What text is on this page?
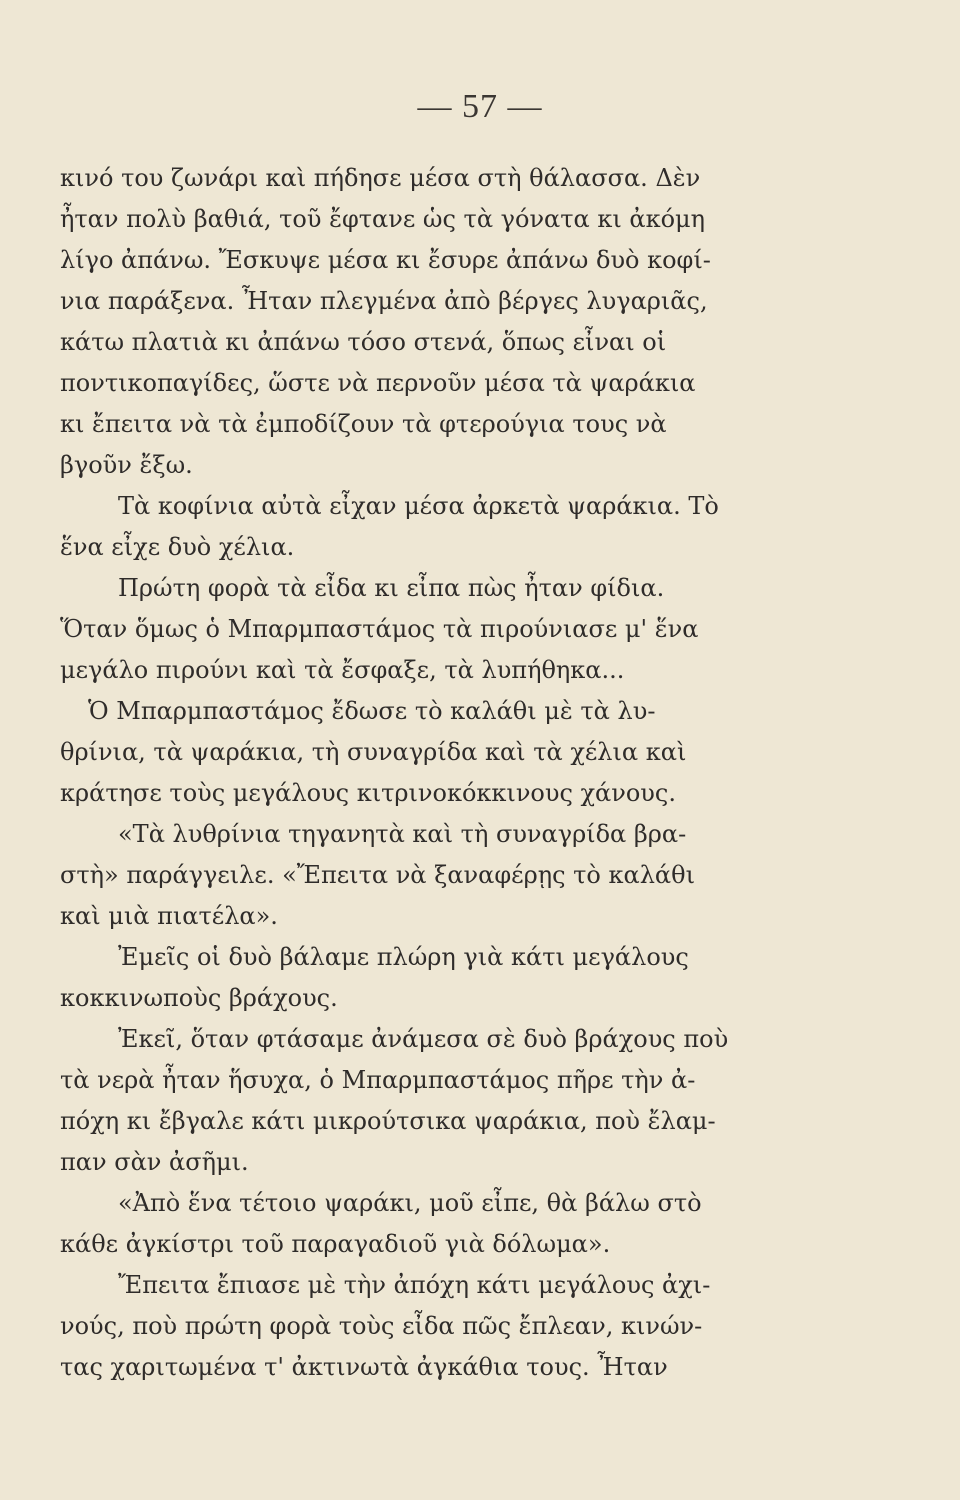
— 57 —
κινό του ζωνάρι καὶ πήδησε μέσα στὴ θάλασσα. Δὲν
ἦταν πολὺ βαθιά, τοῦ ἔφτανε ὡς τὰ γόνατα κι ἀκόμη
λίγο ἀπάνω. Ἔσκυψε μέσα κι ἔσυρε ἀπάνω δυὸ κοφί-
νια παράξενα. Ἦταν πλεγμένα ἀπὸ βέργες λυγαριᾶς,
κάτω πλατιὰ κι ἀπάνω τόσο στενά, ὅπως εἶναι οἱ
ποντικοπαγίδες, ὥστε νὰ περνοῦν μέσα τὰ ψαράκια
κι ἔπειτα νὰ τὰ ἐμποδίζουν τὰ φτερούγια τους νὰ
βγοῦν ἔξω.
Τὰ κοφίνια αὐτὰ εἶχαν μέσα ἀρκετὰ ψαράκια. Τὸ
ἕνα εἶχε δυὸ χέλια.
Πρώτη φορὰ τὰ εἶδα κι εἶπα πὼς ἦταν φίδια.
Ὅταν ὅμως ὁ Μπαρμπαστάμος τὰ πιρούνιασε μ' ἕνα
μεγάλο πιρούνι καὶ τὰ ἔσφαξε, τὰ λυπήθηκα...
Ὁ Μπαρμπαστάμος ἔδωσε τὸ καλάθι μὲ τὰ λυ-
θρίνια, τὰ ψαράκια, τὴ συναγρίδα καὶ τὰ χέλια καὶ
κράτησε τοὺς μεγάλους κιτρινοκόκκινους χάνους.
«Τὰ λυθρίνια τηγανητὰ καὶ τὴ συναγρίδα βρα-
στὴ» παράγγειλε. «Ἔπειτα νὰ ξαναφέρῃς τὸ καλάθι
καὶ μιὰ πιατέλα».
Ἐμεῖς οἱ δυὸ βάλαμε πλώρη γιὰ κάτι μεγάλους
κοκκινωποὺς βράχους.
Ἐκεῖ, ὅταν φτάσαμε ἀνάμεσα σὲ δυὸ βράχους ποὺ
τὰ νερὰ ἦταν ἥσυχα, ὁ Μπαρμπαστάμος πῆρε τὴν ἀ-
πόχη κι ἔβγαλε κάτι μικρούτσικα ψαράκια, ποὺ ἔλαμ-
παν σὰν ἀσῆμι.
«Ἀπὸ ἕνα τέτοιο ψαράκι, μοῦ εἶπε, θὰ βάλω στὸ
κάθε ἀγκίστρι τοῦ παραγαδιοῦ γιὰ δόλωμα».
Ἔπειτα ἔπιασε μὲ τὴν ἀπόχη κάτι μεγάλους ἀχι-
νούς, ποὺ πρώτη φορὰ τοὺς εἶδα πῶς ἔπλεαν, κινών-
τας χαριτωμένα τ' ἀκτινωτὰ ἀγκάθια τους. Ἦταν
